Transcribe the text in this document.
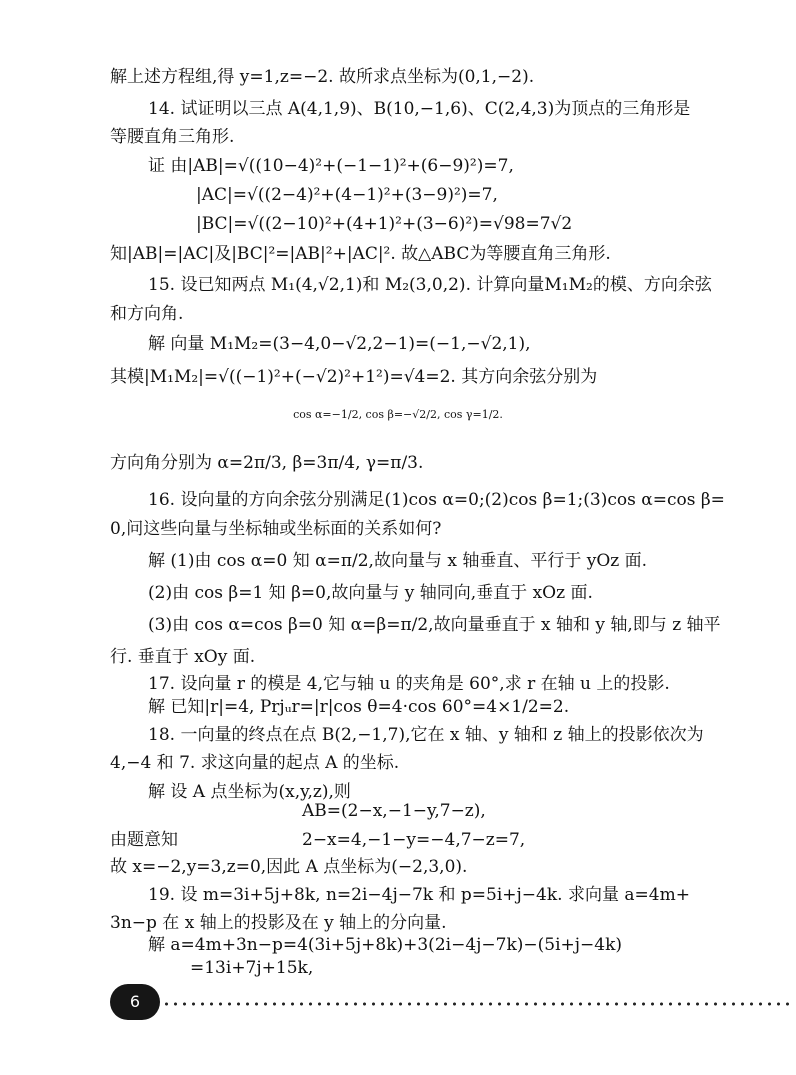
解上述方程组,得 y=1,z=−2. 故所求点坐标为(0,1,−2).
14. 试证明以三点 A(4,1,9)、B(10,−1,6)、C(2,4,3)为顶点的三角形是
等腰直角三角形.
证 由|AB|=√((10−4)²+(−1−1)²+(6−9)²)=7,
|AC|=√((2−4)²+(4−1)²+(3−9)²)=7,
|BC|=√((2−10)²+(4+1)²+(3−6)²)=√98=7√2
知|AB|=|AC|及|BC|²=|AB|²+|AC|². 故△ABC为等腰直角三角形.
15. 设已知两点 M₁(4,√2,1)和 M₂(3,0,2). 计算向量M₁M₂的模、方向余弦
和方向角.
解 向量 M₁M₂=(3−4,0−√2,2−1)=(−1,−√2,1),
其模|M₁M₂|=√((−1)²+(−√2)²+1²)=√4=2. 其方向余弦分别为
cos α=−1/2, cos β=−√2/2, cos γ=1/2.
方向角分别为 α=2π/3, β=3π/4, γ=π/3.
16. 设向量的方向余弦分别满足(1)cos α=0;(2)cos β=1;(3)cos α=cos β=
0,问这些向量与坐标轴或坐标面的关系如何?
解 (1)由 cos α=0 知 α=π/2,故向量与 x 轴垂直、平行于 yOz 面.
(2)由 cos β=1 知 β=0,故向量与 y 轴同向,垂直于 xOz 面.
(3)由 cos α=cos β=0 知 α=β=π/2,故向量垂直于 x 轴和 y 轴,即与 z 轴平
行. 垂直于 xOy 面.
17. 设向量 r 的模是 4,它与轴 u 的夹角是 60°,求 r 在轴 u 上的投影.
解 已知|r|=4, Prjᵤr=|r|cos θ=4·cos 60°=4×1/2=2.
18. 一向量的终点在点 B(2,−1,7),它在 x 轴、y 轴和 z 轴上的投影依次为
4,−4 和 7. 求这向量的起点 A 的坐标.
解 设 A 点坐标为(x,y,z),则
AB=(2−x,−1−y,7−z),
由题意知	2−x=4,−1−y=−4,7−z=7,
故 x=−2,y=3,z=0,因此 A 点坐标为(−2,3,0).
19. 设 m=3i+5j+8k, n=2i−4j−7k 和 p=5i+j−4k. 求向量 a=4m+
3n−p 在 x 轴上的投影及在 y 轴上的分向量.
解 a=4m+3n−p=4(3i+5j+8k)+3(2i−4j−7k)−(5i+j−4k)
=13i+7j+15k,
6
